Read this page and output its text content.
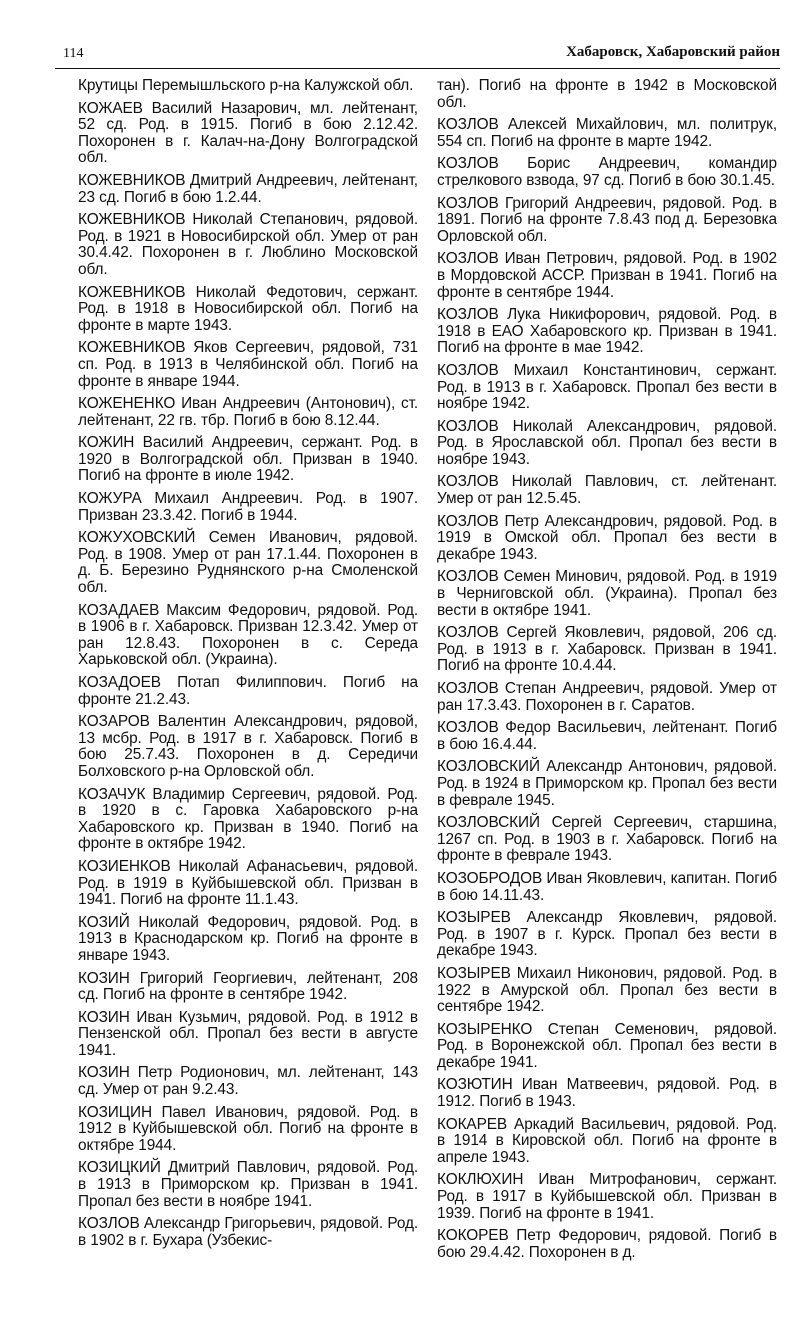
114	Хабаровск, Хабаровский район

Крутицы Перемышльского р-на Калужской обл.

КОЖАЕВ Василий Назарович, мл. лейтенант, 52 сд. Род. в 1915. Погиб в бою 2.12.42. Похоронен в г. Калач-на-Дону Волгоградской обл.

КОЖЕВНИКОВ Дмитрий Андреевич, лейтенант, 23 сд. Погиб в бою 1.2.44.

КОЖЕВНИКОВ Николай Степанович, рядовой. Род. в 1921 в Новосибирской обл. Умер от ран 30.4.42. Похоронен в г. Люблино Московской обл.

КОЖЕВНИКОВ Николай Федотович, сержант. Род. в 1918 в Новосибирской обл. Погиб на фронте в марте 1943.

КОЖЕВНИКОВ Яков Сергеевич, рядовой, 731 сп. Род. в 1913 в Челябинской обл. Погиб на фронте в январе 1944.

КОЖЕНЕНКО Иван Андреевич (Антонович), ст. лейтенант, 22 гв. тбр. Погиб в бою 8.12.44.

КОЖИН Василий Андреевич, сержант. Род. в 1920 в Волгоградской обл. Призван в 1940. Погиб на фронте в июле 1942.

КОЖУРА Михаил Андреевич. Род. в 1907. Призван 23.3.42. Погиб в 1944.

КОЖУХОВСКИЙ Семен Иванович, рядовой. Род. в 1908. Умер от ран 17.1.44. Похоронен в д. Б. Березино Руднянского р-на Смоленской обл.

КОЗАДАЕВ Максим Федорович, рядовой. Род. в 1906 в г. Хабаровск. Призван 12.3.42. Умер от ран 12.8.43. Похоронен в с. Середа Харьковской обл. (Украина).

КОЗАДОЕВ Потап Филиппович. Погиб на фронте 21.2.43.

КОЗАРОВ Валентин Александрович, рядовой, 13 мсбр. Род. в 1917 в г. Хабаровск. Погиб в бою 25.7.43. Похоронен в д. Середичи Болховского р-на Орловской обл.

КОЗАЧУК Владимир Сергеевич, рядовой. Род. в 1920 в с. Гаровка Хабаровского р-на Хабаровского кр. Призван в 1940. Погиб на фронте в октябре 1942.

КОЗИЕНКОВ Николай Афанасьевич, рядовой. Род. в 1919 в Куйбышевской обл. Призван в 1941. Погиб на фронте 11.1.43.

КОЗИЙ Николай Федорович, рядовой. Род. в 1913 в Краснодарском кр. Погиб на фронте в январе 1943.

КОЗИН Григорий Георгиевич, лейтенант, 208 сд. Погиб на фронте в сентябре 1942.

КОЗИН Иван Кузьмич, рядовой. Род. в 1912 в Пензенской обл. Пропал без вести в августе 1941.

КОЗИН Петр Родионович, мл. лейтенант, 143 сд. Умер от ран 9.2.43.

КОЗИЦИН Павел Иванович, рядовой. Род. в 1912 в Куйбышевской обл. Погиб на фронте в октябре 1944.

КОЗИЦКИЙ Дмитрий Павлович, рядовой. Род. в 1913 в Приморском кр. Призван в 1941. Пропал без вести в ноябре 1941.

КОЗЛОВ Александр Григорьевич, рядовой. Род. в 1902 в г. Бухара (Узбекис-

тан). Погиб на фронте в 1942 в Московской обл.

КОЗЛОВ Алексей Михайлович, мл. политрук, 554 сп. Погиб на фронте в марте 1942.

КОЗЛОВ Борис Андреевич, командир стрелкового взвода, 97 сд. Погиб в бою 30.1.45.

КОЗЛОВ Григорий Андреевич, рядовой. Род. в 1891. Погиб на фронте 7.8.43 под д. Березовка Орловской обл.

КОЗЛОВ Иван Петрович, рядовой. Род. в 1902 в Мордовской АССР. Призван в 1941. Погиб на фронте в сентябре 1944.

КОЗЛОВ Лука Никифорович, рядовой. Род. в 1918 в ЕАО Хабаровского кр. Призван в 1941. Погиб на фронте в мае 1942.

КОЗЛОВ Михаил Константинович, сержант. Род. в 1913 в г. Хабаровск. Пропал без вести в ноябре 1942.

КОЗЛОВ Николай Александрович, рядовой. Род. в Ярославской обл. Пропал без вести в ноябре 1943.

КОЗЛОВ Николай Павлович, ст. лейтенант. Умер от ран 12.5.45.

КОЗЛОВ Петр Александрович, рядовой. Род. в 1919 в Омской обл. Пропал без вести в декабре 1943.

КОЗЛОВ Семен Минович, рядовой. Род. в 1919 в Черниговской обл. (Украина). Пропал без вести в октябре 1941.

КОЗЛОВ Сергей Яковлевич, рядовой, 206 сд. Род. в 1913 в г. Хабаровск. Призван в 1941. Погиб на фронте 10.4.44.

КОЗЛОВ Степан Андреевич, рядовой. Умер от ран 17.3.43. Похоронен в г. Саратов.

КОЗЛОВ Федор Васильевич, лейтенант. Погиб в бою 16.4.44.

КОЗЛОВСКИЙ Александр Антонович, рядовой. Род. в 1924 в Приморском кр. Пропал без вести в феврале 1945.

КОЗЛОВСКИЙ Сергей Сергеевич, старшина, 1267 сп. Род. в 1903 в г. Хабаровск. Погиб на фронте в феврале 1943.

КОЗОБРОДОВ Иван Яковлевич, капитан. Погиб в бою 14.11.43.

КОЗЫРЕВ Александр Яковлевич, рядовой. Род. в 1907 в г. Курск. Пропал без вести в декабре 1943.

КОЗЫРЕВ Михаил Никонович, рядовой. Род. в 1922 в Амурской обл. Пропал без вести в сентябре 1942.

КОЗЫРЕНКО Степан Семенович, рядовой. Род. в Воронежской обл. Пропал без вести в декабре 1941.

КОЗЮТИН Иван Матвеевич, рядовой. Род. в 1912. Погиб в 1943.

КОКАРЕВ Аркадий Васильевич, рядовой. Род. в 1914 в Кировской обл. Погиб на фронте в апреле 1943.

КОКЛЮХИН Иван Митрофанович, сержант. Род. в 1917 в Куйбышевской обл. Призван в 1939. Погиб на фронте в 1941.

КОКОРЕВ Петр Федорович, рядовой. Погиб в бою 29.4.42. Похоронен в д.
